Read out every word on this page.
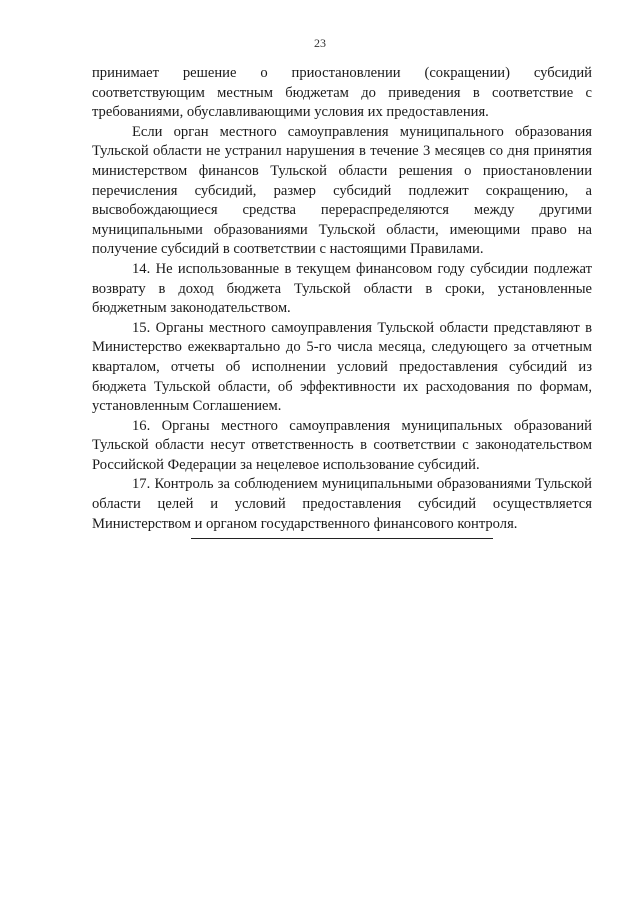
23

принимает решение о приостановлении (сокращении) субсидий соответствующим местным бюджетам до приведения в соответствие с требованиями, обуславливающими условия их предоставления.

Если орган местного самоуправления муниципального образования Тульской области не устранил нарушения в течение 3 месяцев со дня принятия министерством финансов Тульской области решения о приостановлении перечисления субсидий, размер субсидий подлежит сокращению, а высвобождающиеся средства перераспределяются между другими муниципальными образованиями Тульской области, имеющими право на получение субсидий в соответствии с настоящими Правилами.

14. Не использованные в текущем финансовом году субсидии подлежат возврату в доход бюджета Тульской области в сроки, установленные бюджетным законодательством.

15. Органы местного самоуправления Тульской области представляют в Министерство ежеквартально до 5-го числа месяца, следующего за отчетным кварталом, отчеты об исполнении условий предоставления субсидий из бюджета Тульской области, об эффективности их расходования по формам, установленным Соглашением.

16. Органы местного самоуправления муниципальных образований Тульской области несут ответственность в соответствии с законодательством Российской Федерации за нецелевое использование субсидий.

17. Контроль за соблюдением муниципальными образованиями Тульской области целей и условий предоставления субсидий осуществляется Министерством и органом государственного финансового контроля.
